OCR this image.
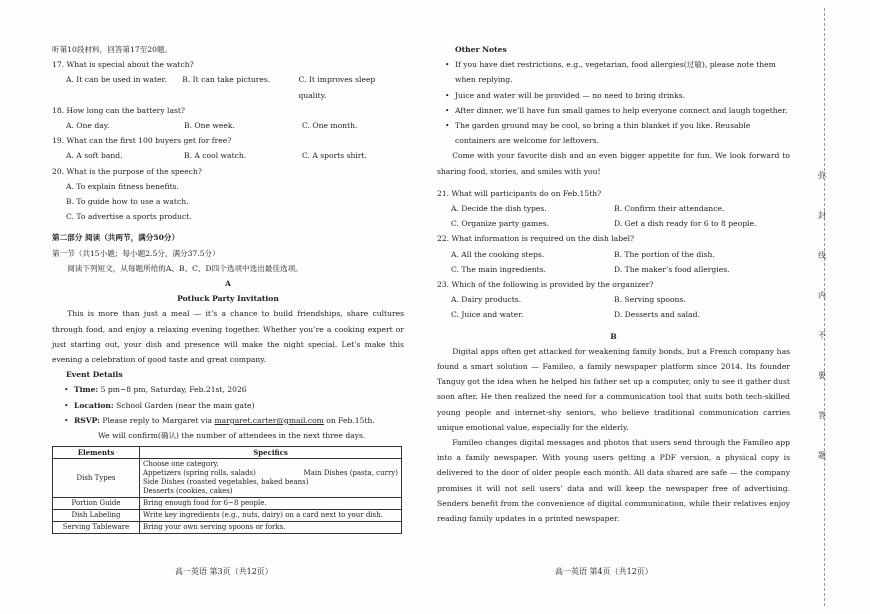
听第10段材料，回答第17至20题。
17. What is special about the watch?
A. It can be used in water.	B. It can take pictures.	C. It improves sleep quality.
18. How long can the battery last?
A. One day.	B. One week.	C. One month.
19. What can the first 100 buyers get for free?
A. A soft band.	B. A cool watch.	C. A sports shirt.
20. What is the purpose of the speech?
A. To explain fitness benefits.
B. To guide how to use a watch.
C. To advertise a sports product.
第二部分 阅读（共两节，满分50分）
第一节（共15小题；每小题2.5分，满分37.5分）
阅读下列短文，从每题所给的A、B、C、D四个选项中选出最佳选项。
A
Potluck Party Invitation

This is more than just a meal — it’s a chance to build friendships, share cultures through food, and enjoy a relaxing evening together. Whether you’re a cooking expert or just starting out, your dish and presence will make the night special. Let’s make this evening a celebration of good taste and great company.

Event Details
• Time: 5 pm~8 pm, Saturday, Feb.21st, 2026
• Location: School Garden (near the main gate)
• RSVP: Please reply to Margaret via margaret.carter@gmail.com on Feb.15th.
We will confirm(确认) the number of attendees in the next three days.
Elements	Specifics
Dish Types	Choose one category.
Appetizers (spring rolls, salads) Main Dishes (pasta, curry)
Side Dishes (roasted vegetables, baked beans)
Desserts (cookies, cakes)

Portion Guide	Bring enough food for 6~8 people.
Dish Labeling	Write key ingredients (e.g., nuts, dairy) on a card next to your dish.
Serving Tableware	Bring your own serving spoons or forks.
高一英语 第3页（共12页）
Other Notes
• If you have diet restrictions, e.g., vegetarian, food allergies(过敏), please note them when replying.
• Juice and water will be provided — no need to bring drinks.
• After dinner, we’ll have fun small games to help everyone connect and laugh together.
• The garden ground may be cool, so bring a thin blanket if you like. Reusable containers are welcome for leftovers.

Come with your favorite dish and an even bigger appetite for fun. We look forward to sharing food, stories, and smiles with you!

21. What will participants do on Feb.15th?
A. Decide the dish types.	B. Confirm their attendance.
C. Organize party games.	D. Get a dish ready for 6 to 8 people.
22. What information is required on the dish label?
A. All the cooking steps.	B. The portion of the dish.
C. The main ingredients.	D. The maker’s food allergies.
23. Which of the following is provided by the organizer?
A. Dairy products.	B. Serving spoons.
C. Juice and water.	D. Desserts and salad.
B

Digital apps often get attacked for weakening family bonds, but a French company has found a smart solution — Famileo, a family newspaper platform since 2014. Its founder Tanguy got the idea when he helped his father set up a computer, only to see it gather dust soon after. He then realized the need for a communication tool that suits both tech-skilled young people and internet-shy seniors, who believe traditional communication carries unique emotional value, especially for the elderly.

Famileo changes digital messages and photos that users send through the Famileo app into a family newspaper. With young users getting a PDF version, a physical copy is delivered to the door of older people each month. All data shared are safe — the company promises it will not sell users’ data and will keep the newspaper free of advertising. Senders benefit from the convenience of digital communication, while their relatives enjoy reading family updates in a printed newspaper.

高一英语 第4页（共12页）
弥
封
线
内
不
要
答
题
